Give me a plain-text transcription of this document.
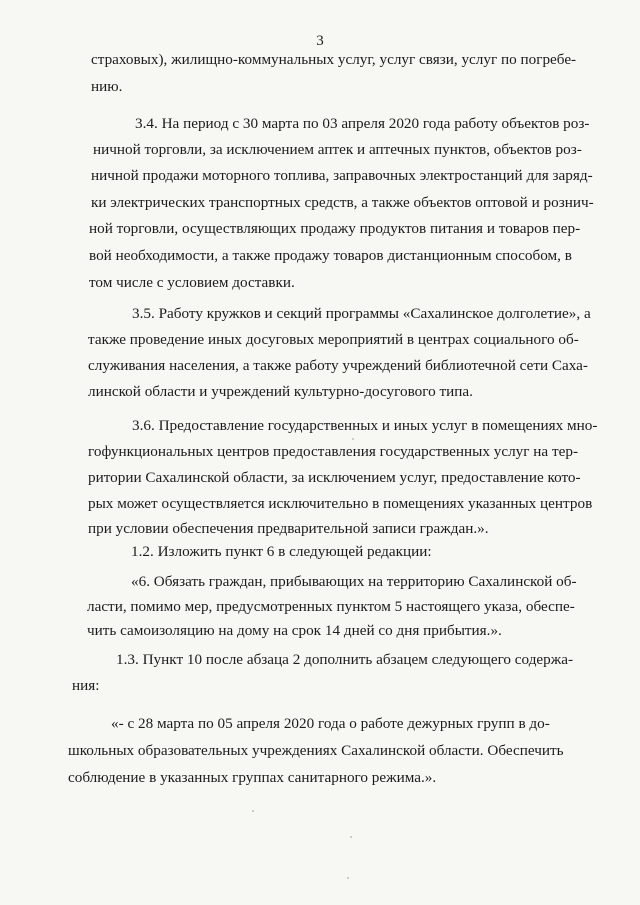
3
страховых), жилищно-коммунальных услуг, услуг связи, услуг по погребе-
нию.
3.4. На период с 30 марта по 03 апреля 2020 года работу объектов роз-
ничной торговли, за исключением аптек и аптечных пунктов, объектов роз-
ничной продажи моторного топлива, заправочных электростанций для заряд-
ки электрических транспортных средств, а также объектов оптовой и рознич-
ной торговли, осуществляющих продажу продуктов питания и товаров пер-
вой необходимости, а также продажу товаров дистанционным способом, в
том числе с условием доставки.
3.5. Работу кружков и секций программы «Сахалинское долголетие», а
также проведение иных досуговых мероприятий в центрах социального об-
служивания населения, а также работу учреждений библиотечной сети Саха-
линской области и учреждений культурно-досугового типа.
3.6. Предоставление государственных и иных услуг в помещениях мно-
гофункциональных центров предоставления государственных услуг на тер-
ритории Сахалинской области, за исключением услуг, предоставление кото-
рых может осуществляется исключительно в помещениях указанных центров
при условии обеспечения предварительной записи граждан.».
1.2. Изложить пункт 6 в следующей редакции:
«6. Обязать граждан, прибывающих на территорию Сахалинской об-
ласти, помимо мер, предусмотренных пунктом 5 настоящего указа, обеспе-
чить самоизоляцию на дому на срок 14 дней со дня прибытия.».
1.3. Пункт 10 после абзаца 2 дополнить абзацем следующего содержа-
ния:
«- с 28 марта по 05 апреля 2020 года о работе дежурных групп в до-
школьных образовательных учреждениях Сахалинской области. Обеспечить
соблюдение в указанных группах санитарного режима.».
